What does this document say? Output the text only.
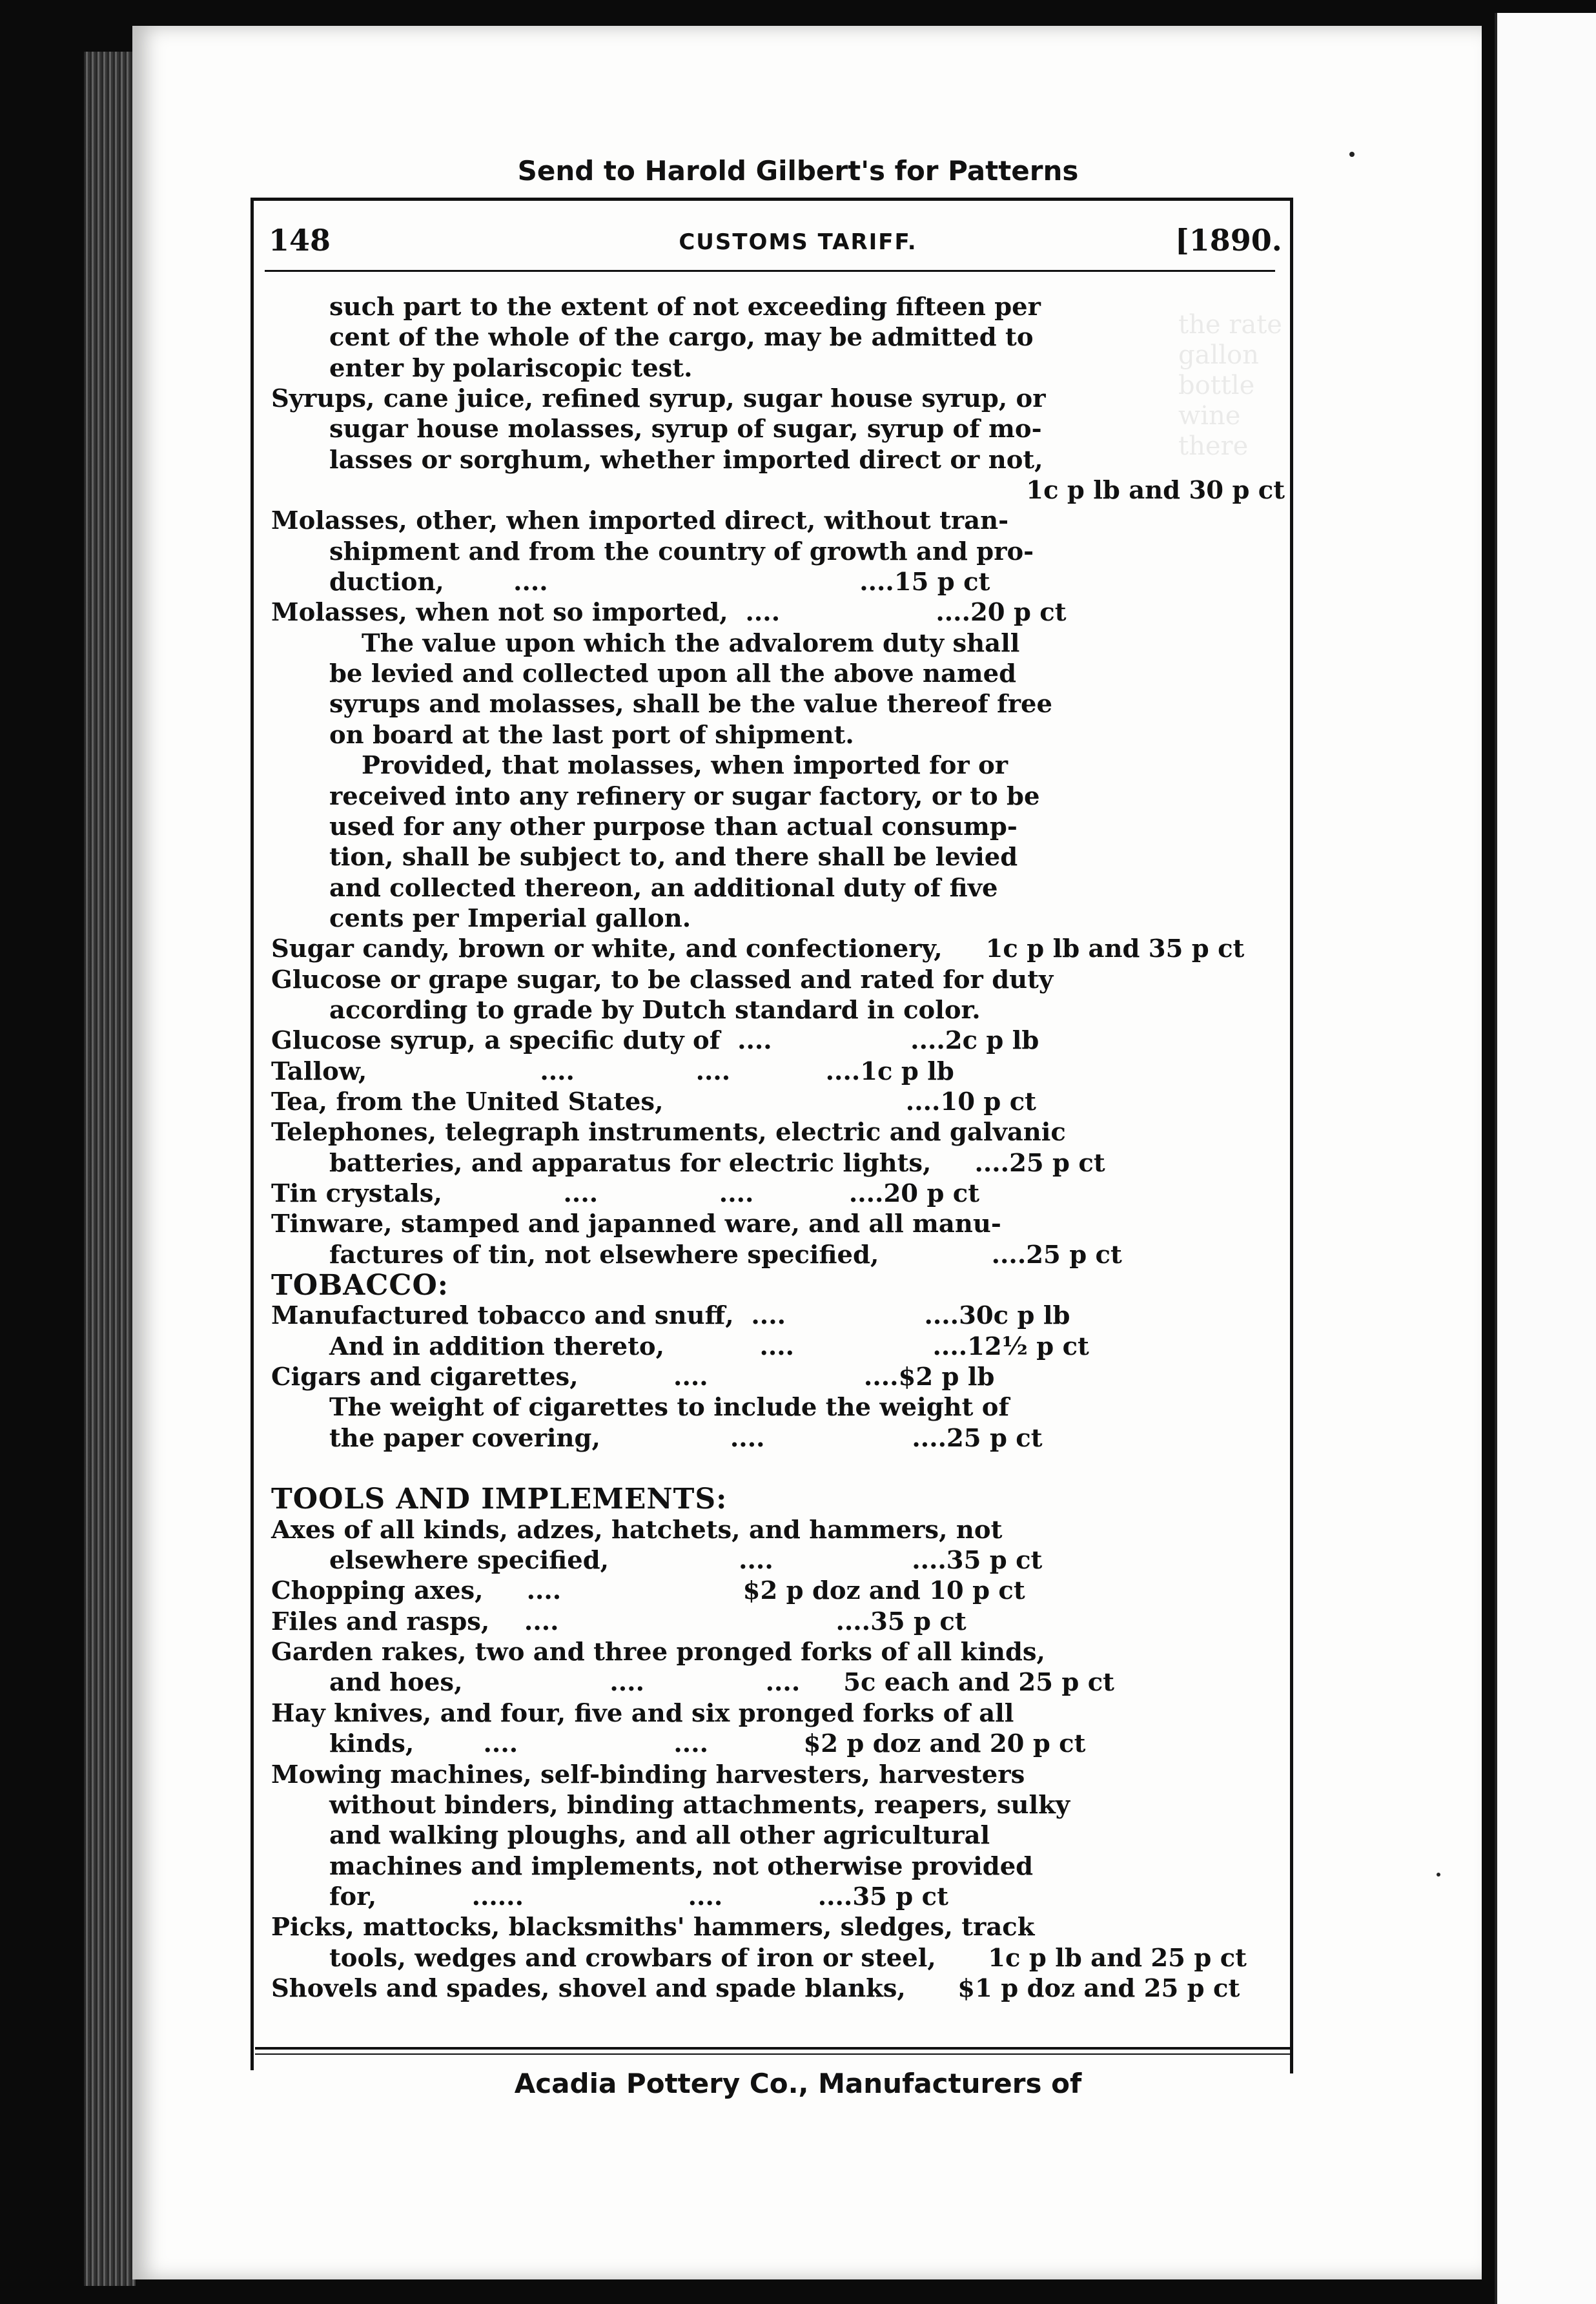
the rate
gallon
bottle
wine
there
Send to Harold Gilbert's for Patterns
148	CUSTOMS TARIFF.	[1890.
such part to the extent of not exceeding fifteen per
cent of the whole of the cargo, may be admitted to
enter by polariscopic test.
Syrups, cane juice, refined syrup, sugar house syrup, or
sugar house molasses, syrup of sugar, syrup of mo-
lasses or sorghum, whether imported direct or not,
1c p lb and 30 p ct
Molasses, other, when imported direct, without tran-
shipment and from the country of growth and pro-
duction,        ....                                    ....15 p ct
Molasses, when not so imported,  ....                  ....20 p ct
The value upon which the advalorem duty shall
be levied and collected upon all the above named
syrups and molasses, shall be the value thereof free
on board at the last port of shipment.
Provided, that molasses, when imported for or
received into any refinery or sugar factory, or to be
used for any other purpose than actual consump-
tion, shall be subject to, and there shall be levied
and collected thereon, an additional duty of five
cents per Imperial gallon.
Sugar candy, brown or white, and confectionery,     1c p lb and 35 p ct
Glucose or grape sugar, to be classed and rated for duty
according to grade by Dutch standard in color.
Glucose syrup, a specific duty of  ....                ....2c p lb
Tallow,                    ....              ....           ....1c p lb
Tea, from the United States,                            ....10 p ct
Telephones, telegraph instruments, electric and galvanic
batteries, and apparatus for electric lights,     ....25 p ct
Tin crystals,              ....              ....           ....20 p ct
Tinware, stamped and japanned ware, and all manu-
factures of tin, not elsewhere specified,             ....25 p ct
TOBACCO:
Manufactured tobacco and snuff,  ....                ....30c p lb
And in addition thereto,           ....                ....12½ p ct
Cigars and cigarettes,           ....                  ....$2 p lb
The weight of cigarettes to include the weight of
the paper covering,               ....                 ....25 p ct
TOOLS AND IMPLEMENTS:
Axes of all kinds, adzes, hatchets, and hammers, not
elsewhere specified,               ....                ....35 p ct
Chopping axes,     ....                     $2 p doz and 10 p ct
Files and rasps,    ....                                ....35 p ct
Garden rakes, two and three pronged forks of all kinds,
and hoes,                 ....              ....     5c each and 25 p ct
Hay knives, and four, five and six pronged forks of all
kinds,        ....                  ....           $2 p doz and 20 p ct
Mowing machines, self-binding harvesters, harvesters
without binders, binding attachments, reapers, sulky
and walking ploughs, and all other agricultural
machines and implements, not otherwise provided
for,           ......                   ....           ....35 p ct
Picks, mattocks, blacksmiths' hammers, sledges, track
tools, wedges and crowbars of iron or steel,      1c p lb and 25 p ct
Shovels and spades, shovel and spade blanks,      $1 p doz and 25 p ct
Acadia Pottery Co., Manufacturers of
